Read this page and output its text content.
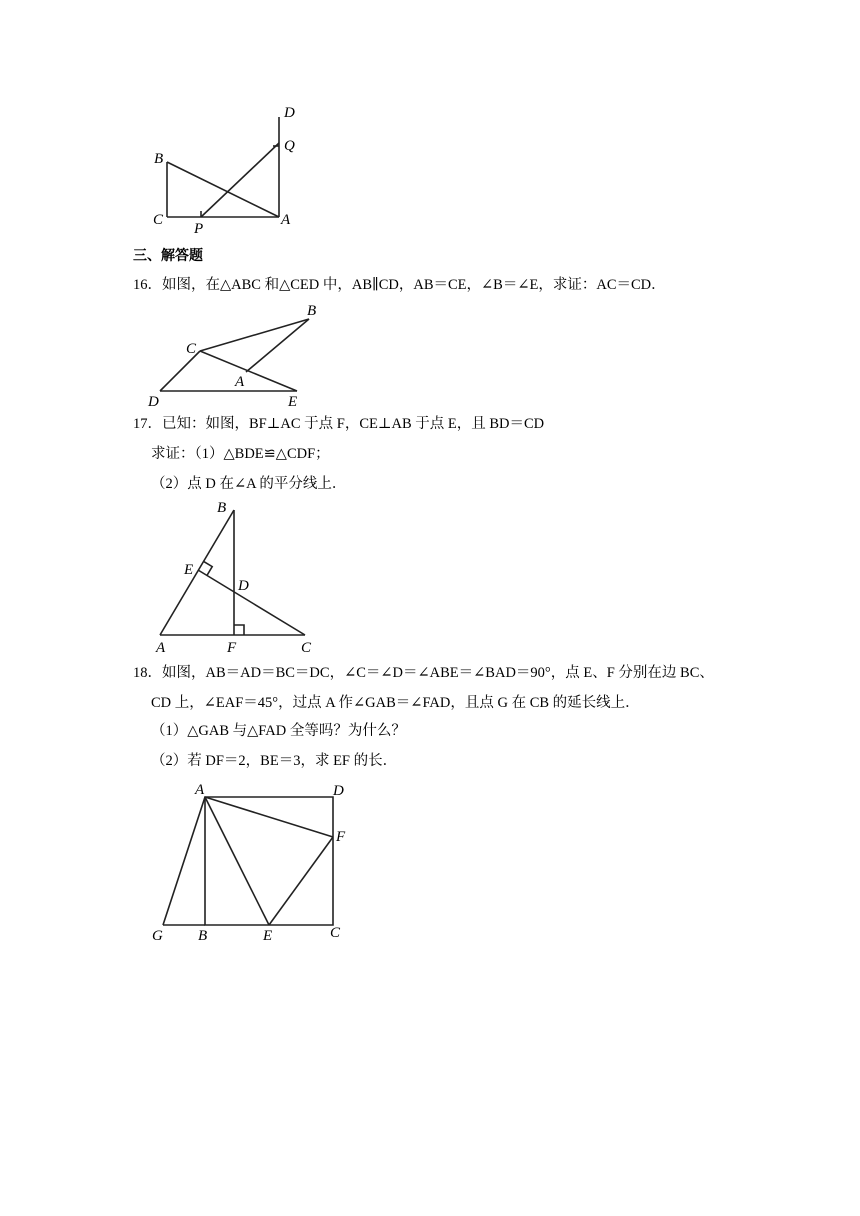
D
Q
B
C
P
A
三、解答题
16．如图，在△ABC 和△CED 中，AB∥CD，AB＝CE，∠B＝∠E，求证：AC＝CD．
B
C
A
D	E
17．已知：如图，BF⊥AC 于点 F，CE⊥AB 于点 E，且 BD＝CD
求证：（1）△BDE≌△CDF；
（2）点 D 在∠A 的平分线上．
B
E
D
A	F	C
18．如图，AB＝AD＝BC＝DC，∠C＝∠D＝∠ABE＝∠BAD＝90°，点 E、F 分别在边 BC、
CD 上，∠EAF＝45°，过点 A 作∠GAB＝∠FAD，且点 G 在 CB 的延长线上．
（1）△GAB 与△FAD 全等吗？为什么？
（2）若 DF＝2，BE＝3，求 EF 的长．
A	D
F
G B	E	C
